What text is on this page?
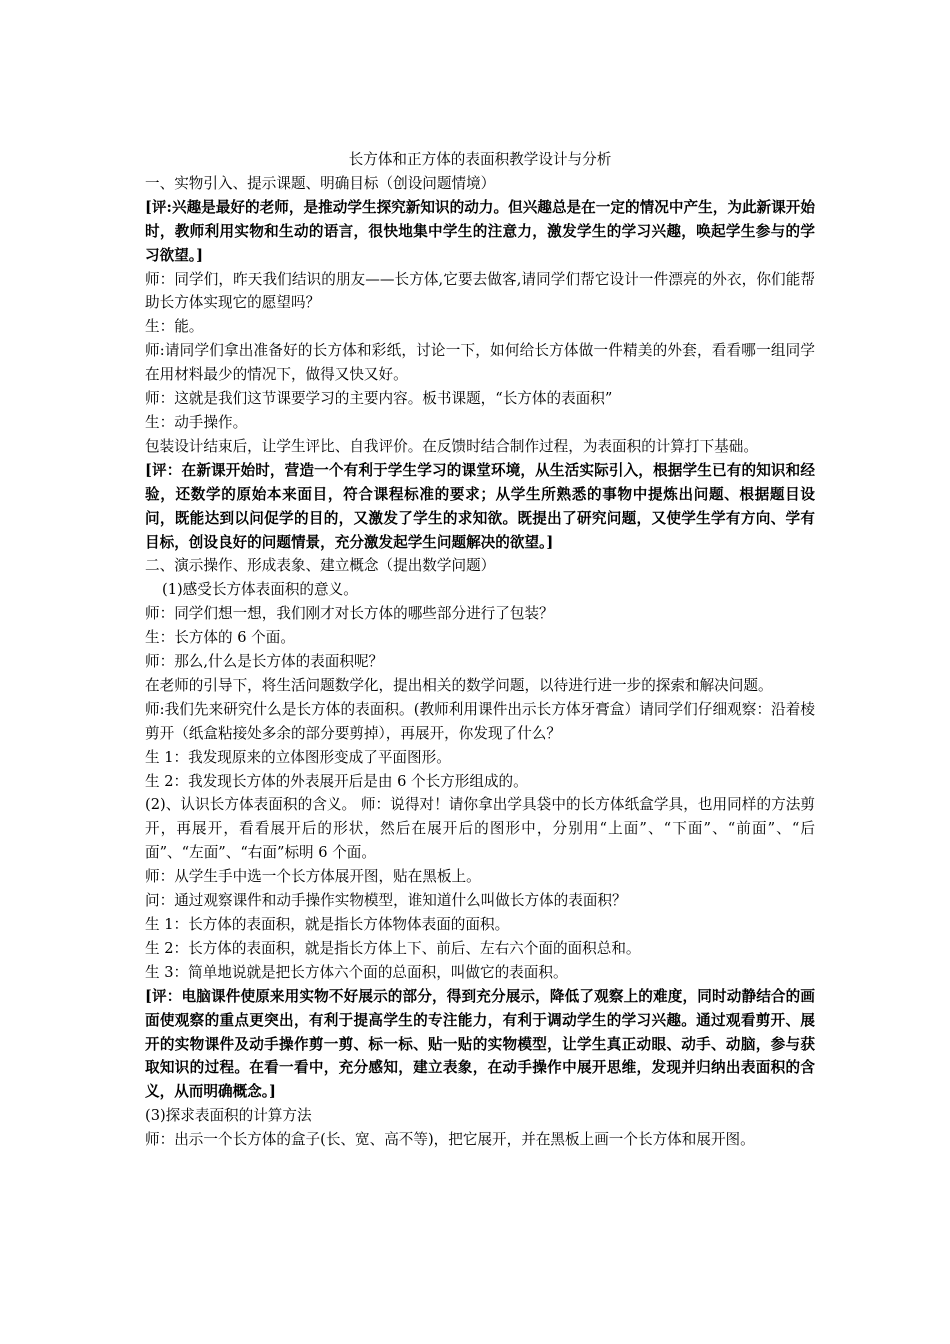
长方体和正方体的表面积教学设计与分析

一、实物引入、提示课题、明确目标（创设问题情境）

[评:兴趣是最好的老师，是推动学生探究新知识的动力。但兴趣总是在一定的情况中产生，为此新课开始时，教师利用实物和生动的语言，很快地集中学生的注意力，激发学生的学习兴趣，唤起学生参与的学习欲望。]

师：同学们，昨天我们结识的朋友——长方体,它要去做客,请同学们帮它设计一件漂亮的外衣，你们能帮助长方体实现它的愿望吗？

生：能。

师:请同学们拿出准备好的长方体和彩纸，讨论一下，如何给长方体做一件精美的外套，看看哪一组同学在用材料最少的情况下，做得又快又好。

师：这就是我们这节课要学习的主要内容。板书课题，“长方体的表面积”

生：动手操作。

包装设计结束后，让学生评比、自我评价。在反馈时结合制作过程，为表面积的计算打下基础。

[评：在新课开始时，营造一个有利于学生学习的课堂环境，从生活实际引入，根据学生已有的知识和经验，还数学的原始本来面目，符合课程标准的要求；从学生所熟悉的事物中提炼出问题、根据题目设问，既能达到以问促学的目的，又激发了学生的求知欲。既提出了研究问题，又使学生学有方向、学有目标，创设良好的问题情景，充分激发起学生问题解决的欲望。]

二、演示操作、形成表象、建立概念（提出数学问题）

(1)感受长方体表面积的意义。

师：同学们想一想，我们刚才对长方体的哪些部分进行了包装？

生：长方体的 6 个面。

师：那么,什么是长方体的表面积呢？

在老师的引导下，将生活问题数学化，提出相关的数学问题，以待进行进一步的探索和解决问题。

师:我们先来研究什么是长方体的表面积。(教师利用课件出示长方体牙膏盒）请同学们仔细观察：沿着棱剪开（纸盒粘接处多余的部分要剪掉），再展开，你发现了什么？

生 1：我发现原来的立体图形变成了平面图形。

生 2：我发现长方体的外表展开后是由 6 个长方形组成的。

(2)、认识长方体表面积的含义。 师：说得对！请你拿出学具袋中的长方体纸盒学具，也用同样的方法剪开，再展开，看看展开后的形状，然后在展开后的图形中，分别用“上面”、“下面”、“前面”、“后面”、“左面”、“右面”标明 6 个面。

师：从学生手中选一个长方体展开图，贴在黑板上。

问：通过观察课件和动手操作实物模型，谁知道什么叫做长方体的表面积？

生 1：长方体的表面积，就是指长方体物体表面的面积。

生 2：长方体的表面积，就是指长方体上下、前后、左右六个面的面积总和。

生 3：简单地说就是把长方体六个面的总面积，叫做它的表面积。

[评：电脑课件使原来用实物不好展示的部分，得到充分展示，降低了观察上的难度，同时动静结合的画面使观察的重点更突出，有利于提高学生的专注能力，有利于调动学生的学习兴趣。通过观看剪开、展开的实物课件及动手操作剪一剪、标一标、贴一贴的实物模型，让学生真正动眼、动手、动脑，参与获取知识的过程。在看一看中，充分感知，建立表象，在动手操作中展开思维，发现并归纳出表面积的含义，从而明确概念。]

(3)探求表面积的计算方法

师：出示一个长方体的盒子(长、宽、高不等)，把它展开，并在黑板上画一个长方体和展开图。
